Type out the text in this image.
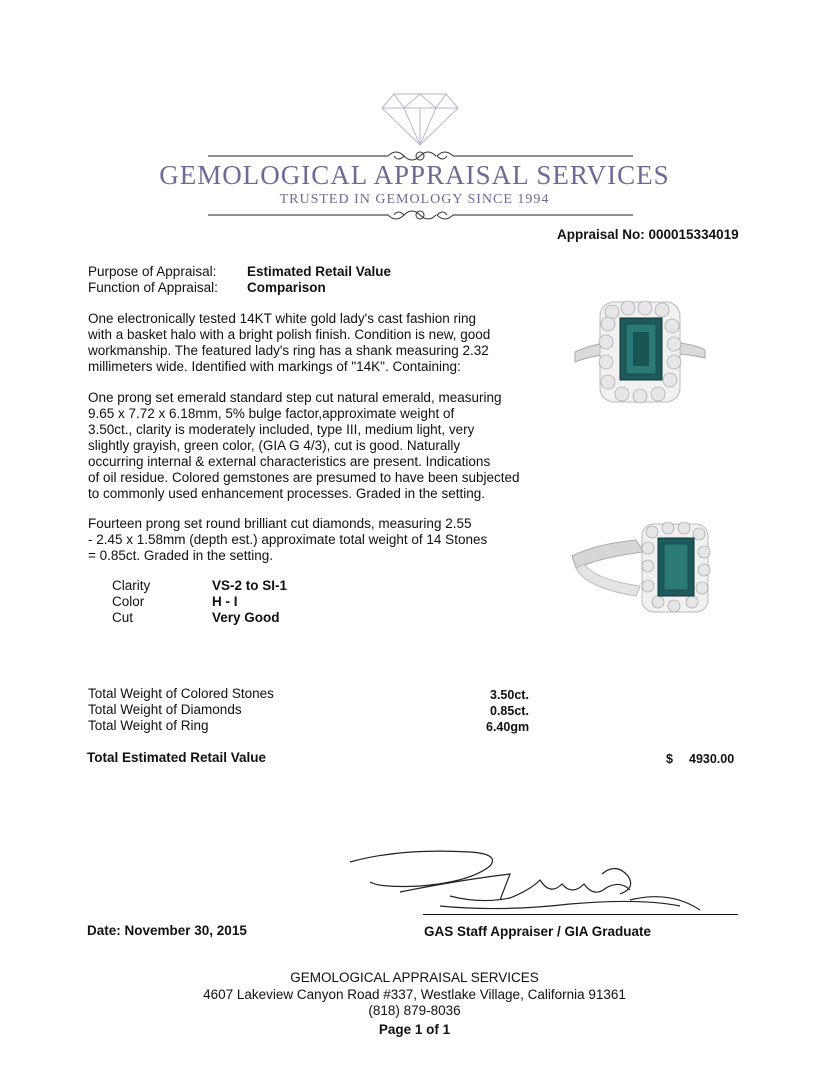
GEMOLOGICAL APPRAISAL SERVICES
TRUSTED IN GEMOLOGY SINCE 1994
Appraisal No: 000015334019
Purpose of Appraisal: Estimated Retail Value
Function of Appraisal: Comparison
One electronically tested 14KT white gold lady's cast fashion ring
with a basket halo with a bright polish finish. Condition is new, good
workmanship. The featured lady's ring has a shank measuring 2.32
millimeters wide. Identified with markings of "14K". Containing:
One prong set emerald standard step cut natural emerald, measuring
9.65 x 7.72 x 6.18mm, 5% bulge factor,approximate weight of
3.50ct., clarity is moderately included, type III, medium light, very
slightly grayish, green color, (GIA G 4/3), cut is good. Naturally
occurring internal & external characteristics are present. Indications
of oil residue. Colored gemstones are presumed to have been subjected
to commonly used enhancement processes. Graded in the setting.
Fourteen prong set round brilliant cut diamonds, measuring 2.55
- 2.45 x 1.58mm (depth est.) approximate total weight of 14 Stones
= 0.85ct. Graded in the setting.
Clarity	VS-2 to SI-1
Color	H - I
Cut	Very Good
Total Weight of Colored Stones	3.50ct.
Total Weight of Diamonds	0.85ct.
Total Weight of Ring	6.40gm
Total Estimated Retail Value	$ 4930.00
Date: November 30, 2015	GAS Staff Appraiser / GIA Graduate
GEMOLOGICAL APPRAISAL SERVICES
4607 Lakeview Canyon Road #337, Westlake Village, California 91361
(818) 879-8036
Page 1 of 1
